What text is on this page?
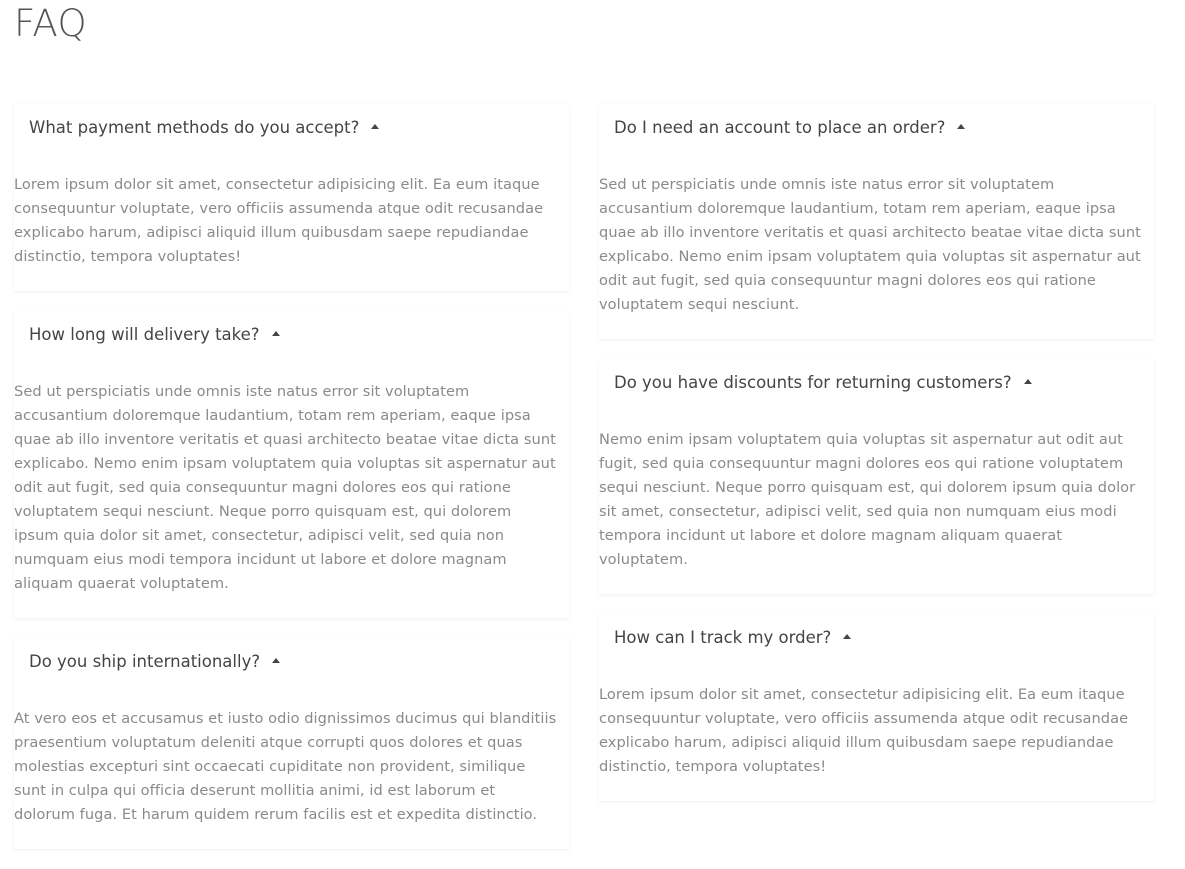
FAQ
What payment methods do you accept?

Lorem ipsum dolor sit amet, consectetur adipisicing elit. Ea eum itaque consequuntur voluptate, vero officiis assumenda atque odit recusandae explicabo harum, adipisci aliquid illum quibusdam saepe repudiandae distinctio, tempora voluptates!

How long will delivery take?

Sed ut perspiciatis unde omnis iste natus error sit voluptatem accusantium doloremque laudantium, totam rem aperiam, eaque ipsa quae ab illo inventore veritatis et quasi architecto beatae vitae dicta sunt explicabo. Nemo enim ipsam voluptatem quia voluptas sit aspernatur aut odit aut fugit, sed quia consequuntur magni dolores eos qui ratione voluptatem sequi nesciunt. Neque porro quisquam est, qui dolorem ipsum quia dolor sit amet, consectetur, adipisci velit, sed quia non numquam eius modi tempora incidunt ut labore et dolore magnam aliquam quaerat voluptatem.

Do you ship internationally?

At vero eos et accusamus et iusto odio dignissimos ducimus qui blanditiis praesentium voluptatum deleniti atque corrupti quos dolores et quas molestias excepturi sint occaecati cupiditate non provident, similique sunt in culpa qui officia deserunt mollitia animi, id est laborum et dolorum fuga. Et harum quidem rerum facilis est et expedita distinctio.

Do I need an account to place an order?

Sed ut perspiciatis unde omnis iste natus error sit voluptatem accusantium doloremque laudantium, totam rem aperiam, eaque ipsa quae ab illo inventore veritatis et quasi architecto beatae vitae dicta sunt explicabo. Nemo enim ipsam voluptatem quia voluptas sit aspernatur aut odit aut fugit, sed quia consequuntur magni dolores eos qui ratione voluptatem sequi nesciunt.

Do you have discounts for returning customers?

Nemo enim ipsam voluptatem quia voluptas sit aspernatur aut odit aut fugit, sed quia consequuntur magni dolores eos qui ratione voluptatem sequi nesciunt. Neque porro quisquam est, qui dolorem ipsum quia dolor sit amet, consectetur, adipisci velit, sed quia non numquam eius modi tempora incidunt ut labore et dolore magnam aliquam quaerat voluptatem.

How can I track my order?

Lorem ipsum dolor sit amet, consectetur adipisicing elit. Ea eum itaque consequuntur voluptate, vero officiis assumenda atque odit recusandae explicabo harum, adipisci aliquid illum quibusdam saepe repudiandae distinctio, tempora voluptates!
